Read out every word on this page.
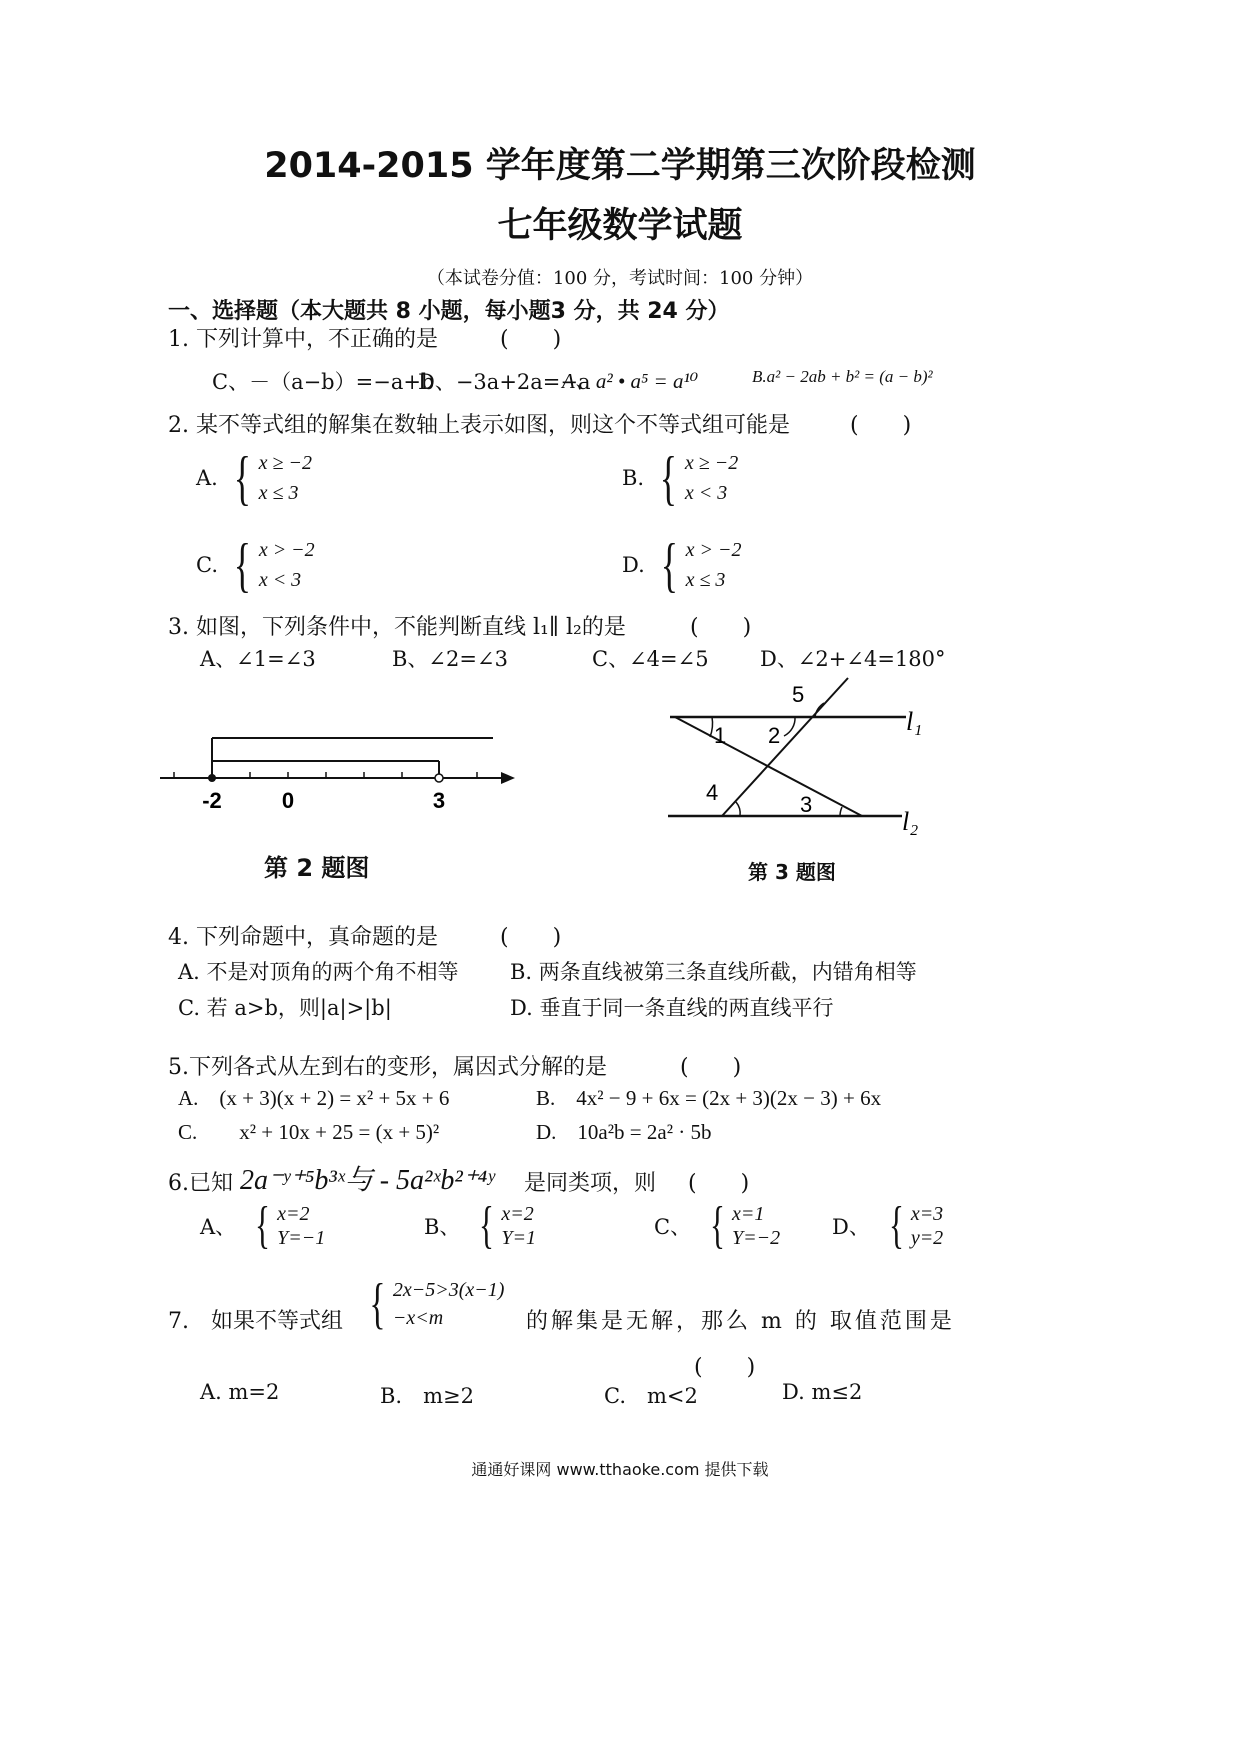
2014-2015 学年度第二学期第三次阶段检测
七年级数学试题
（本试卷分值：100 分，考试时间：100 分钟）
一、选择题（本大题共 8 小题，每小题3 分，共 24 分）
1. 下列计算中，不正确的是	(　　)
C、－（a−b）=−a+b
D、−3a+2a=−a
A、a² • a⁵ = a¹⁰	B.a² − 2ab + b² = (a − b)²
2. 某不等式组的解集在数轴上表示如图，则这个不等式组可能是	(　　)
A. { x ≥ −2
x ≤ 3
B. { x ≥ −2
x < 3
C. { x > −2
x < 3
D. { x > −2
x ≤ 3
3. 如图，下列条件中，不能判断直线 l₁∥ l₂的是	(　　)
A、∠1=∠3	B、∠2=∠3	C、∠4=∠5 D、∠2+∠4=180°
-2	0	3
第 2 题图
1 2
3
4
5
l₁
l₂
第 3 题图
4. 下列命题中，真命题的是	(　　)
A. 不是对顶角的两个角不相等 B. 两条直线被第三条直线所截，内错角相等
C. 若 a>b，则|a|>|b|	D. 垂直于同一条直线的两直线平行
5.下列各式从左到右的变形，属因式分解的是	(　　)
A.　(x + 3)(x + 2) = x² + 5x + 6	B.　4x² − 9 + 6x = (2x + 3)(2x − 3) + 6x
C.　　x² + 10x + 25 = (x + 5)²	D.　10a²b = 2a² · 5b
6.已知 2a⁻ʸ⁺⁵b³ˣ与 - 5a²ˣb²⁺⁴ʸ 是同类项，则 (　　)
A、 { x=2
Y=−1	B、 { x=2
Y=1	C、 { x=1
Y=−2 D、 { x=3
y=2
7.　如果不等式组 { 2x−5>3(x−1)
−x<m	的解集是无解，那么 m 的 取值范围是
(　　)
A. m=2	B.　m≥2	C.　m<2	D. m≤2
通通好课网 www.tthaoke.com 提供下载
